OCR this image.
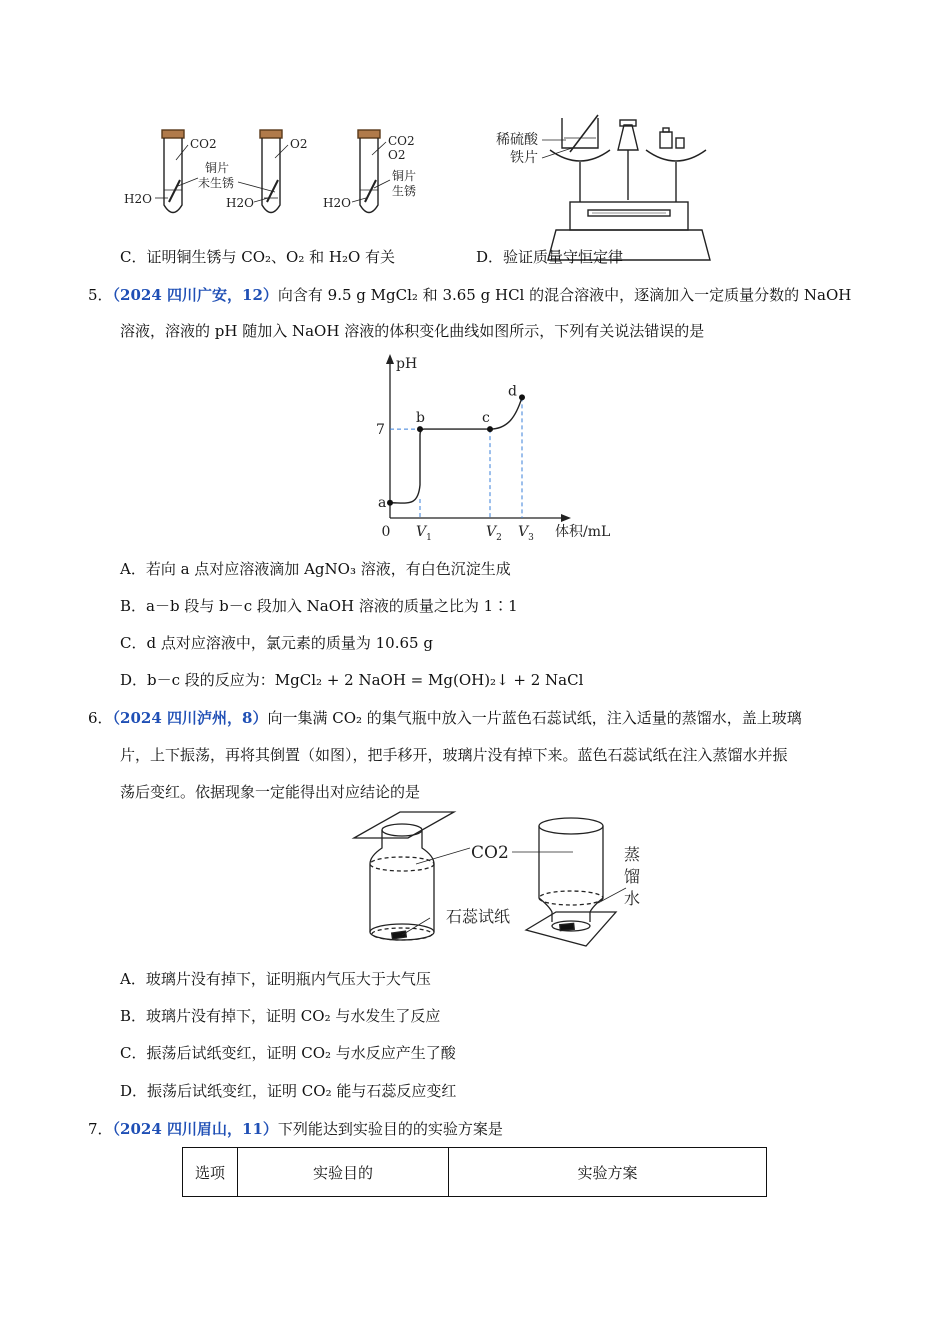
CO2
铜片
未生锈
H2O
O2
H2O
CO2
O2
铜片
生锈
H2O
稀硫酸
铁片
C．证明铜生锈与 CO₂、O₂ 和 H₂O 有关	D．验证质量守恒定律
5．（2024 四川广安，12）向含有 9.5 g MgCl₂ 和 3.65 g HCl 的混合溶液中，逐滴加入一定质量分数的 NaOH
溶液，溶液的 pH 随加入 NaOH 溶液的体积变化曲线如图所示，下列有关说法错误的是
pH
体积/mL
0
7
$V_1$	$V_2$ $V_3$
a
b	c
d
A．若向 a 点对应溶液滴加 AgNO₃ 溶液，有白色沉淀生成
B．a－b 段与 b－c 段加入 NaOH 溶液的质量之比为 1∶1
C．d 点对应溶液中，氯元素的质量为 10.65 g
D．b－c 段的反应为：MgCl₂ + 2 NaOH = Mg(OH)₂↓ + 2 NaCl
6．（2024 四川泸州，8）向一集满 CO₂ 的集气瓶中放入一片蓝色石蕊试纸，注入适量的蒸馏水，盖上玻璃
片，上下振荡，再将其倒置（如图），把手移开，玻璃片没有掉下来。蓝色石蕊试纸在注入蒸馏水并振
荡后变红。依据现象一定能得出对应结论的是
CO2
石蕊试纸
蒸 馏 水
A．玻璃片没有掉下，证明瓶内气压大于大气压
B．玻璃片没有掉下，证明 CO₂ 与水发生了反应
C．振荡后试纸变红，证明 CO₂ 与水反应产生了酸
D．振荡后试纸变红，证明 CO₂ 能与石蕊反应变红
7．（2024 四川眉山，11）下列能达到实验目的的实验方案是
选项	实验目的	实验方案
